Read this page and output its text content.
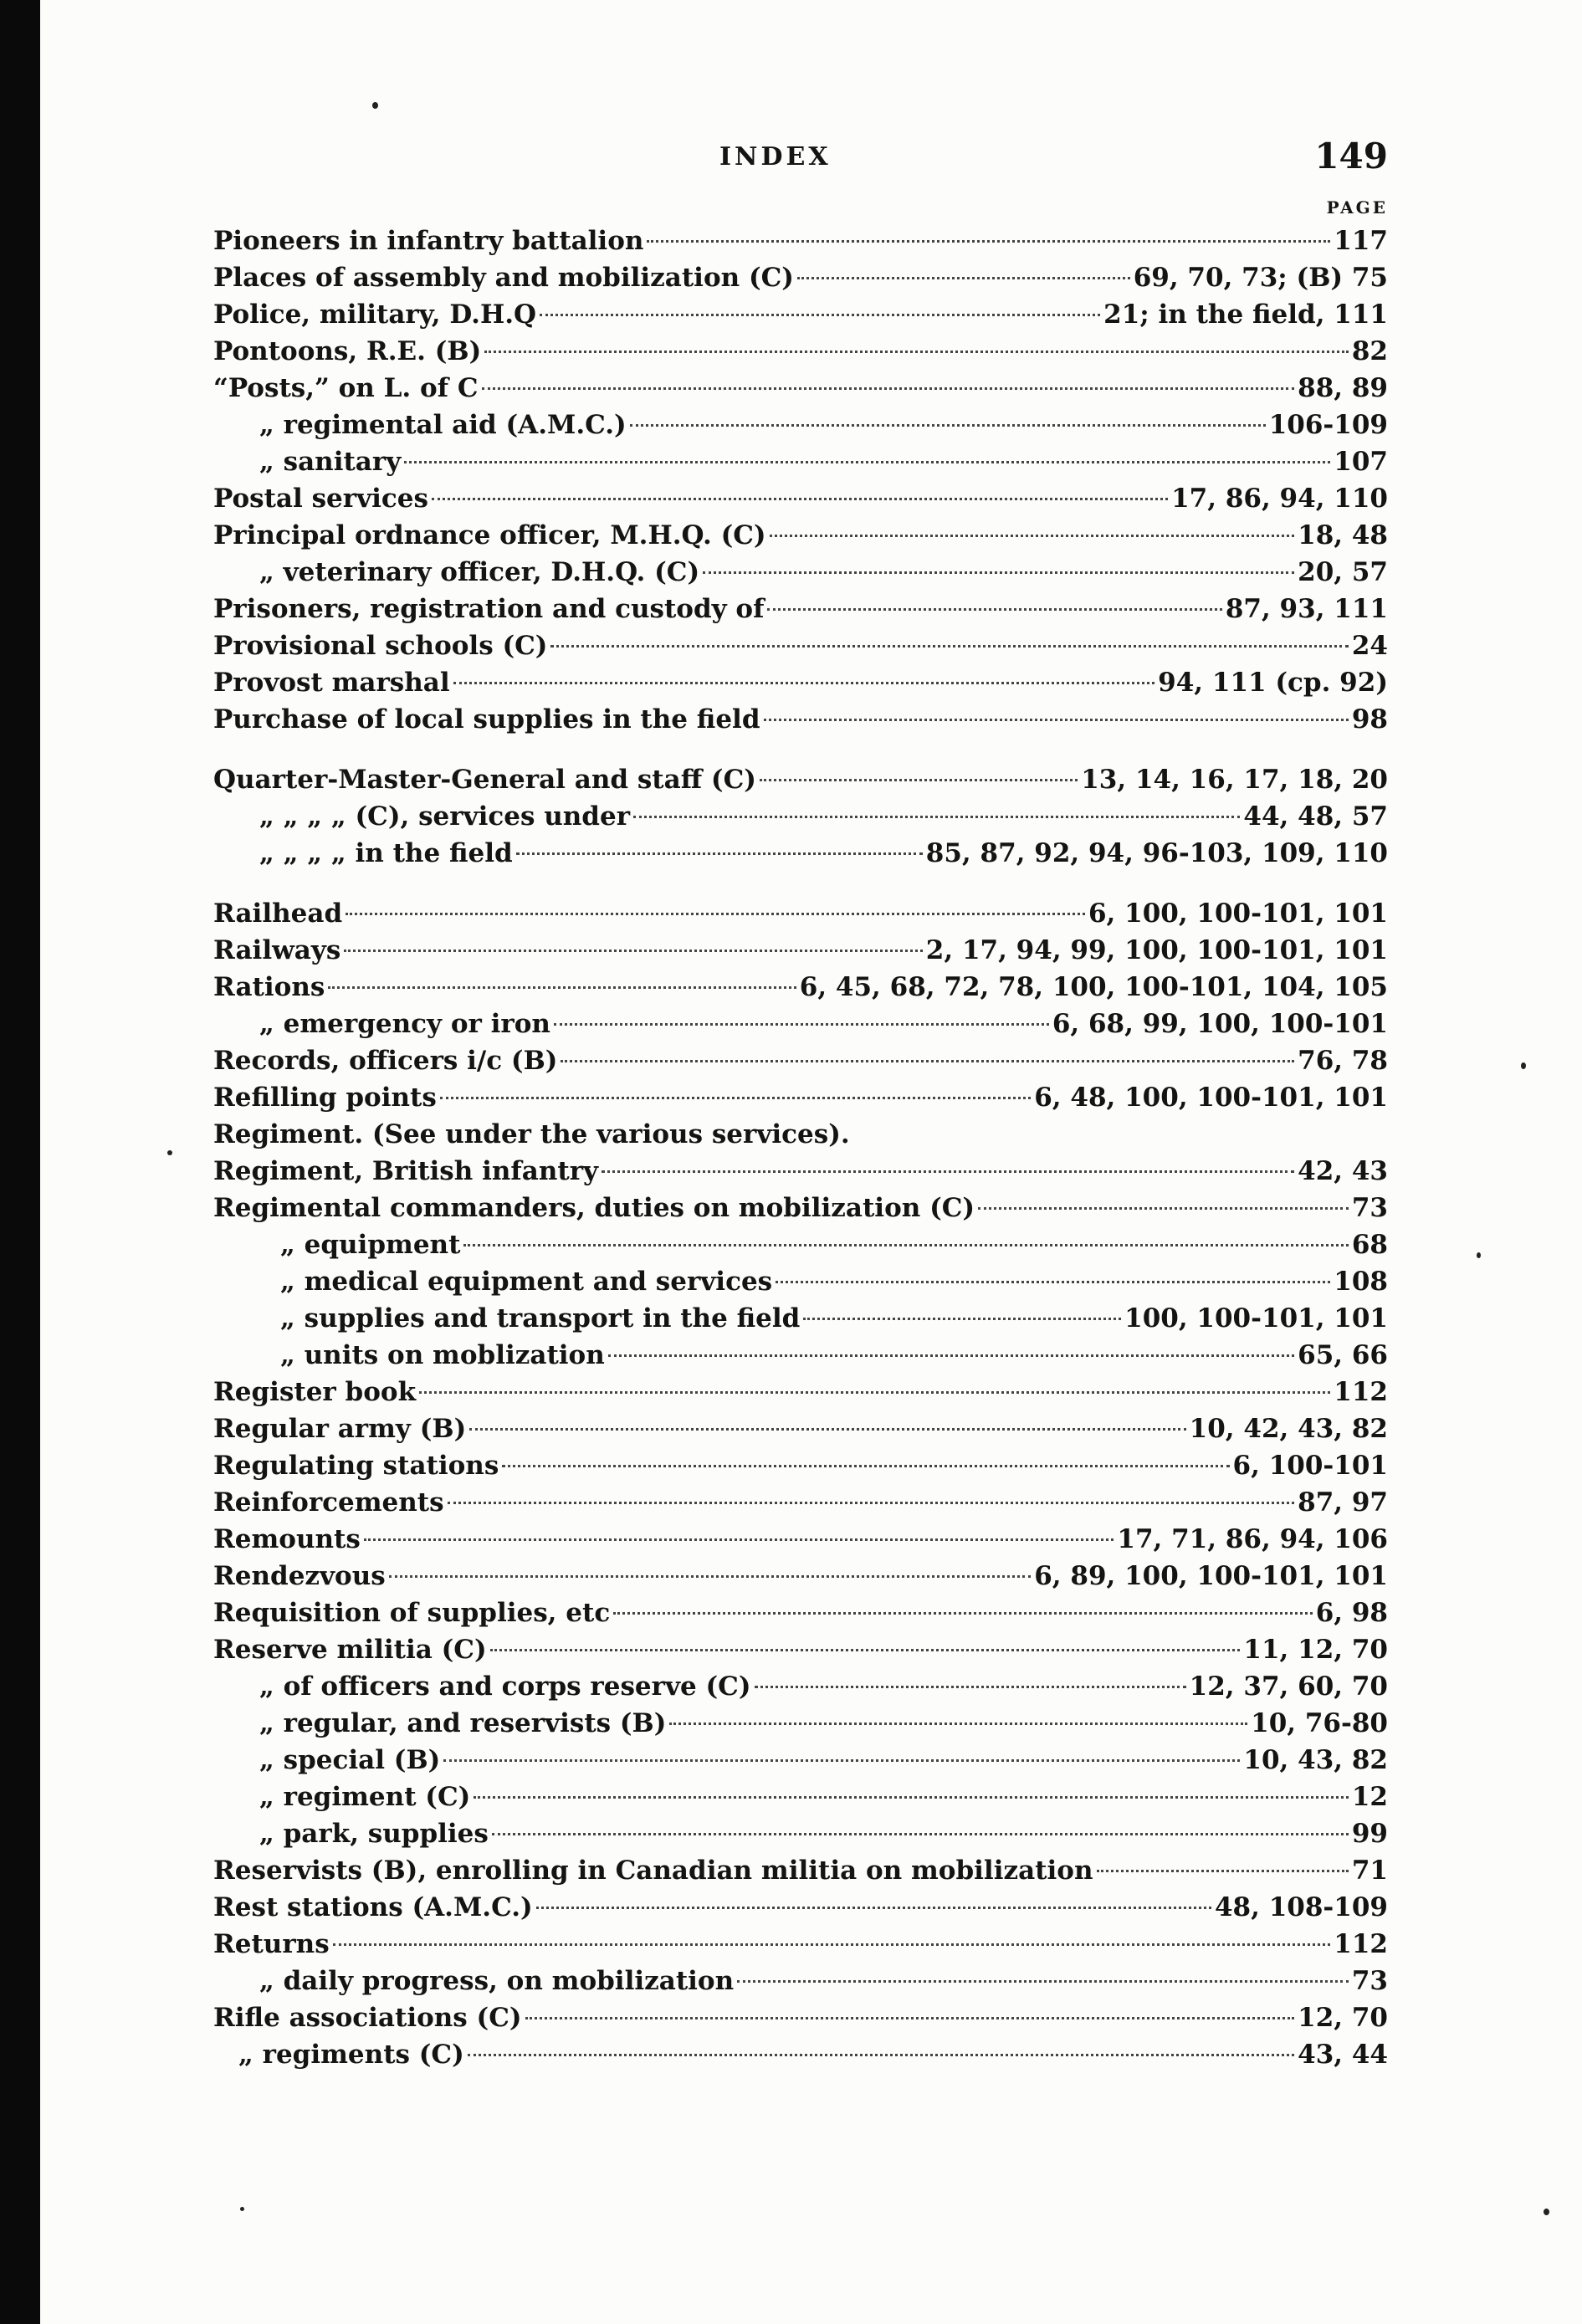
INDEX	149
PAGE
Pioneers in infantry battalion	117
Places of assembly and mobilization (C)	69, 70, 73; (B) 75
Police, military, D.H.Q	21; in the field, 111
Pontoons, R.E. (B)	82
“Posts,” on L. of C	88, 89
„ regimental aid (A.M.C.)	106-109
„ sanitary	107
Postal services	17, 86, 94, 110
Principal ordnance officer, M.H.Q. (C)	18, 48
„ veterinary officer, D.H.Q. (C)	20, 57
Prisoners, registration and custody of	87, 93, 111
Provisional schools (C)	24
Provost marshal	94, 111 (cp. 92)
Purchase of local supplies in the field	98
Quarter-Master-General and staff (C)	13, 14, 16, 17, 18, 20
„ „ „ „ (C), services under	44, 48, 57
„ „ „ „ in the field	85, 87, 92, 94, 96-103, 109, 110
Railhead	6, 100, 100-101, 101
Railways	2, 17, 94, 99, 100, 100-101, 101
Rations	6, 45, 68, 72, 78, 100, 100-101, 104, 105
„ emergency or iron	6, 68, 99, 100, 100-101
Records, officers i/c (B)	76, 78
Refilling points	6, 48, 100, 100-101, 101
Regiment. (See under the various services).
Regiment, British infantry	42, 43
Regimental commanders, duties on mobilization (C)	73
„ equipment	68
„ medical equipment and services	108
„ supplies and transport in the field	100, 100-101, 101
„ units on moblization	65, 66
Register book	112
Regular army (B)	10, 42, 43, 82
Regulating stations	6, 100-101
Reinforcements	87, 97
Remounts	17, 71, 86, 94, 106
Rendezvous	6, 89, 100, 100-101, 101
Requisition of supplies, etc	6, 98
Reserve militia (C)	11, 12, 70
„ of officers and corps reserve (C)	12, 37, 60, 70
„ regular, and reservists (B)	10, 76-80
„ special (B)	10, 43, 82
„ regiment (C)	12
„ park, supplies	99
Reservists (B), enrolling in Canadian militia on mobilization	71
Rest stations (A.M.C.)	48, 108-109
Returns	112
„ daily progress, on mobilization	73
Rifle associations (C)	12, 70
„ regiments (C)	43, 44
